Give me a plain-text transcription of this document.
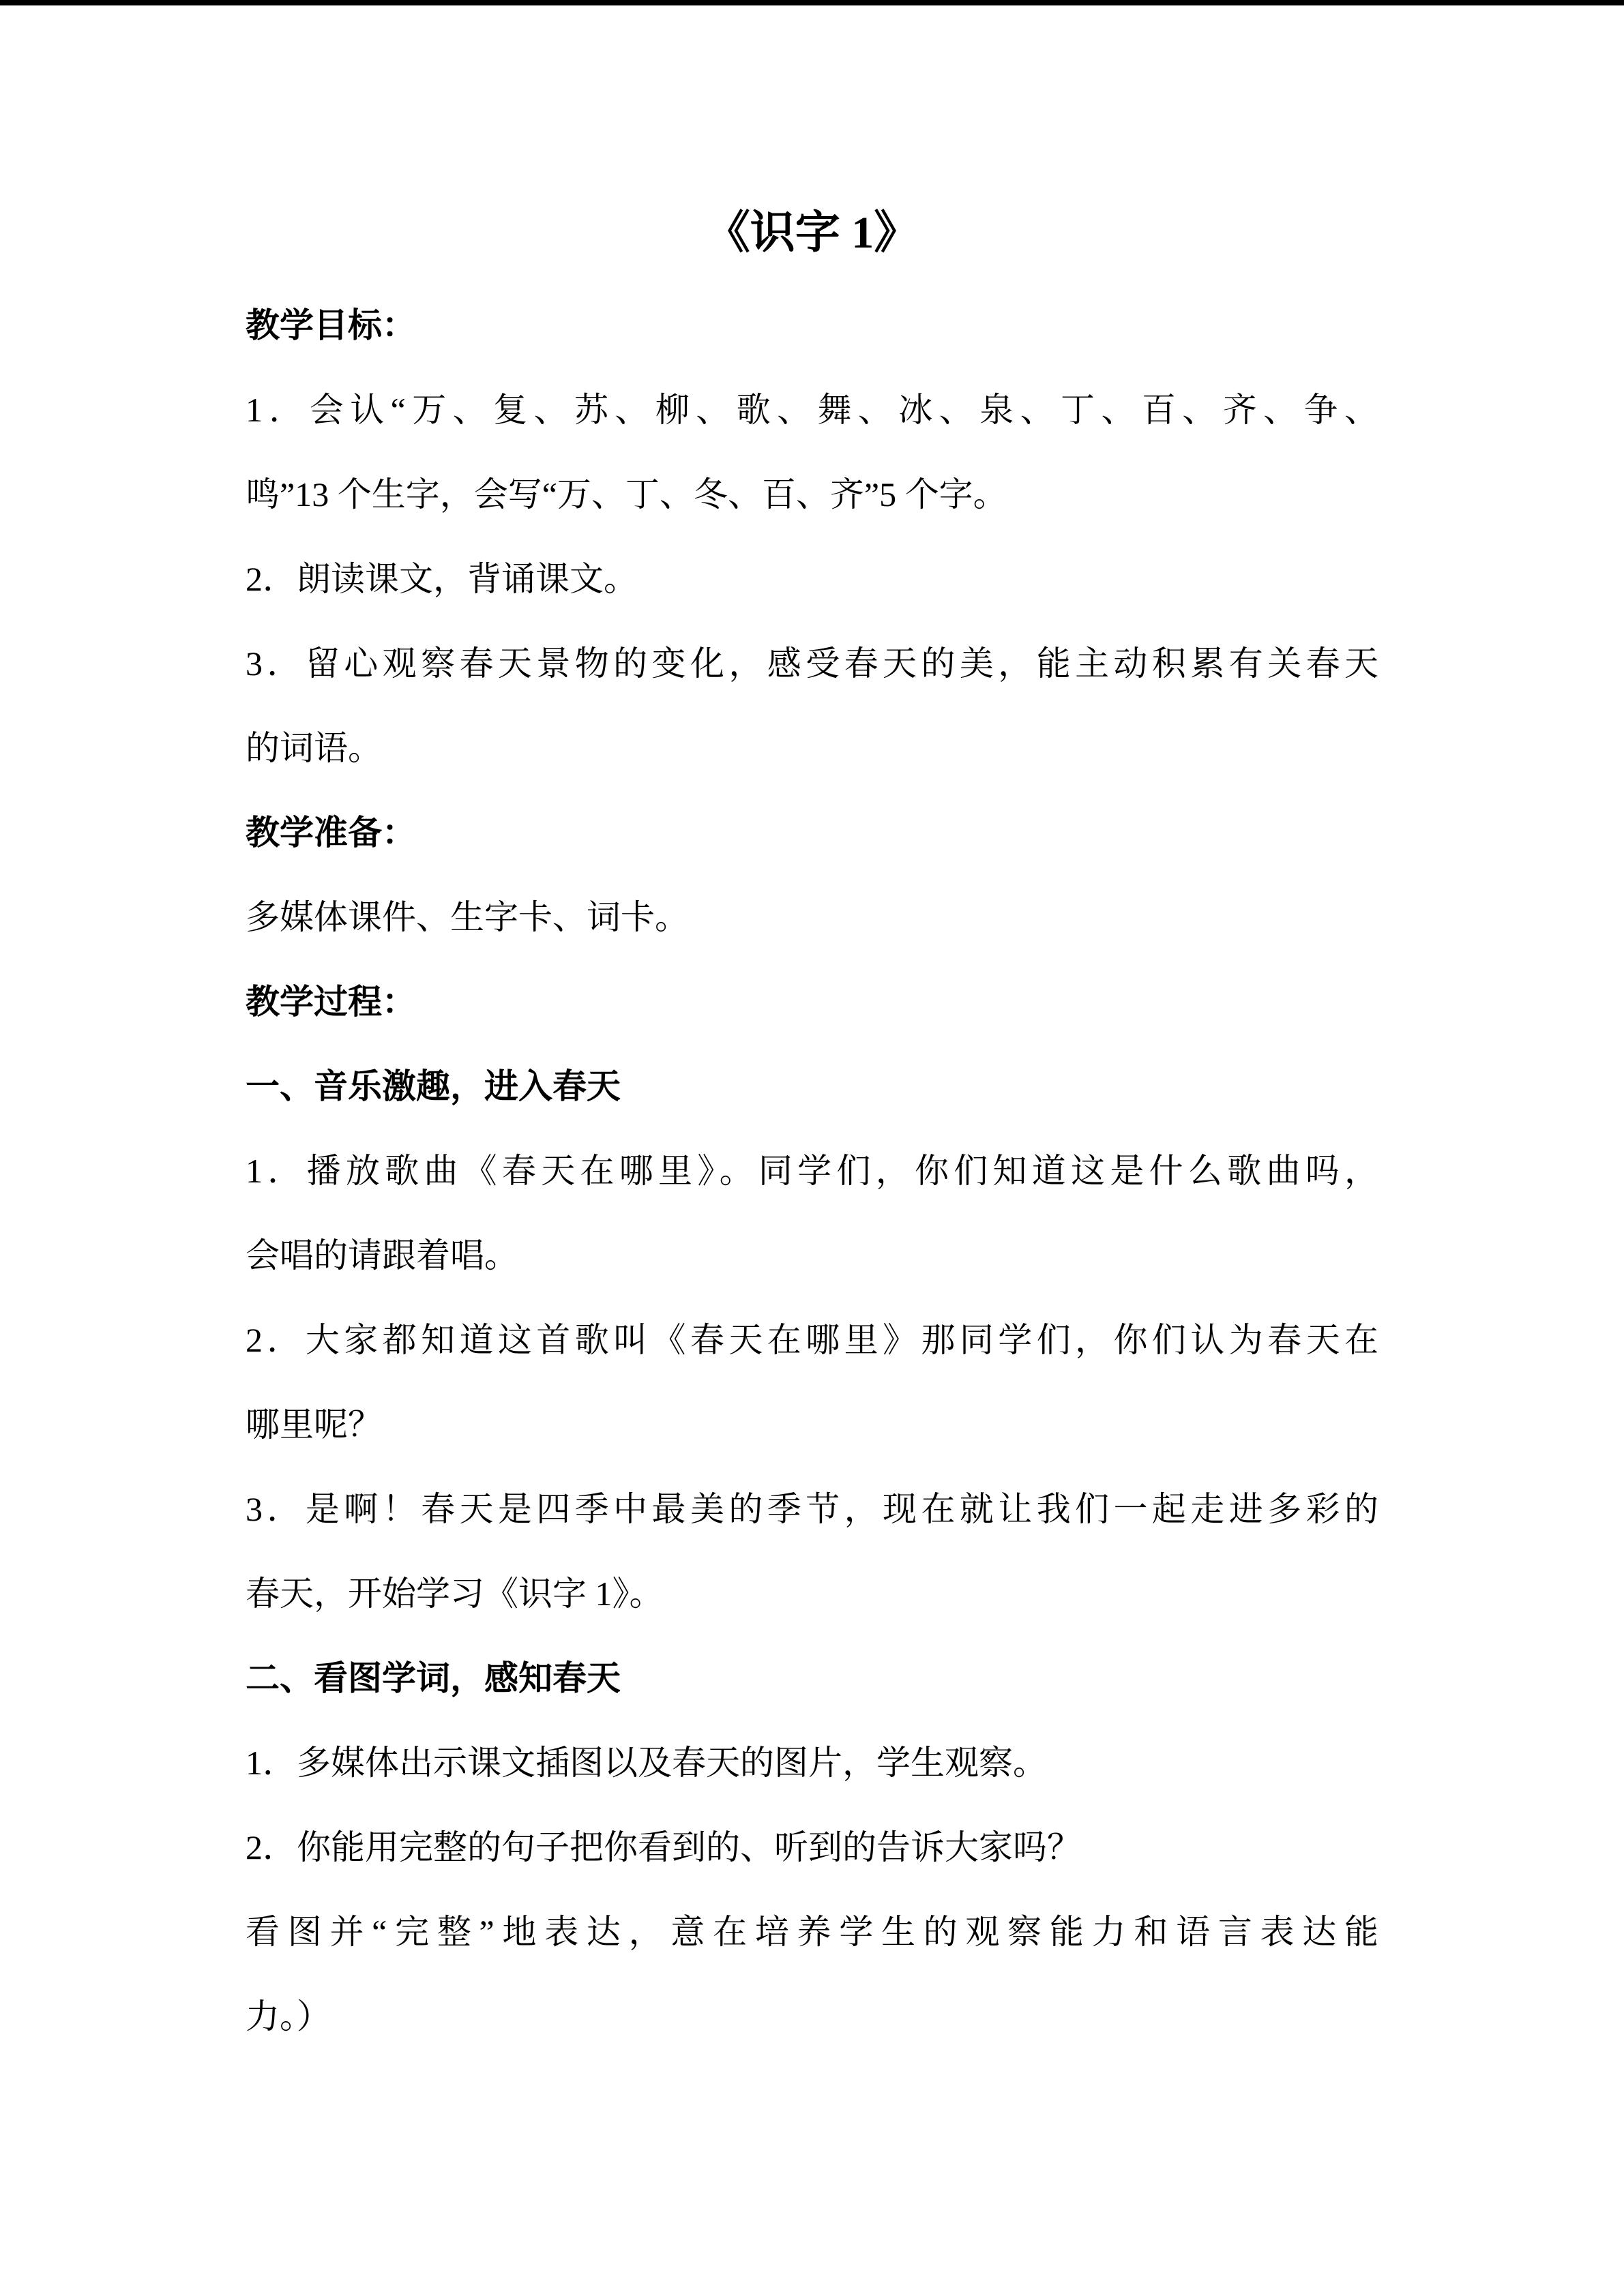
《识字 1》
教学目标：
1．会认“万、复、苏、柳、歌、舞、冰、泉、丁、百、齐、争、
鸣”13 个生字，会写“万、丁、冬、百、齐”5 个字。
2．朗读课文，背诵课文。
3．留心观察春天景物的变化，感受春天的美，能主动积累有关春天
的词语。
教学准备：
多媒体课件、生字卡、词卡。
教学过程：
一、音乐激趣，进入春天
1．播放歌曲《春天在哪里》。同学们，你们知道这是什么歌曲吗，
会唱的请跟着唱。
2．大家都知道这首歌叫《春天在哪里》那同学们，你们认为春天在
哪里呢？
3．是啊！春天是四季中最美的季节，现在就让我们一起走进多彩的
春天，开始学习《识字 1》。
二、看图学词，感知春天
1．多媒体出示课文插图以及春天的图片，学生观察。
2．你能用完整的句子把你看到的、听到的告诉大家吗？
看图并“完整”地表达，意在培养学生的观察能力和语言表达能
力。）
